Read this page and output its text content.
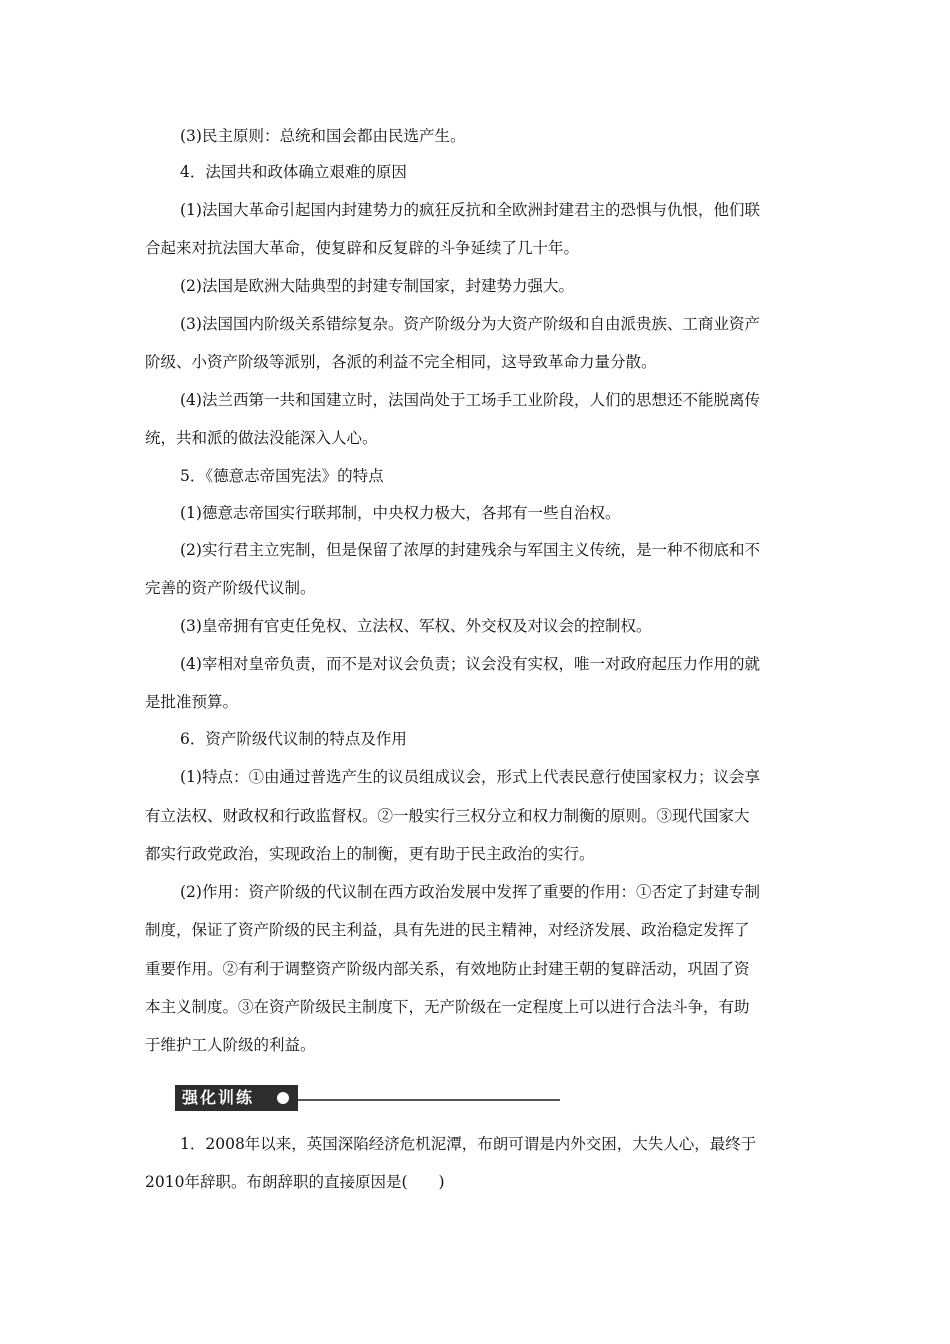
(3)民主原则：总统和国会都由民选产生。
4．法国共和政体确立艰难的原因
(1)法国大革命引起国内封建势力的疯狂反抗和全欧洲封建君主的恐惧与仇恨，他们联
合起来对抗法国大革命，使复辟和反复辟的斗争延续了几十年。
(2)法国是欧洲大陆典型的封建专制国家，封建势力强大。
(3)法国国内阶级关系错综复杂。资产阶级分为大资产阶级和自由派贵族、工商业资产
阶级、小资产阶级等派别，各派的利益不完全相同，这导致革命力量分散。
(4)法兰西第一共和国建立时，法国尚处于工场手工业阶段，人们的思想还不能脱离传
统，共和派的做法没能深入人心。
5．《德意志帝国宪法》的特点
(1)德意志帝国实行联邦制，中央权力极大，各邦有一些自治权。
(2)实行君主立宪制，但是保留了浓厚的封建残余与军国主义传统，是一种不彻底和不
完善的资产阶级代议制。
(3)皇帝拥有官吏任免权、立法权、军权、外交权及对议会的控制权。
(4)宰相对皇帝负责，而不是对议会负责；议会没有实权，唯一对政府起压力作用的就
是批准预算。
6．资产阶级代议制的特点及作用
(1)特点：①由通过普选产生的议员组成议会，形式上代表民意行使国家权力；议会享
有立法权、财政权和行政监督权。②一般实行三权分立和权力制衡的原则。③现代国家大
都实行政党政治，实现政治上的制衡，更有助于民主政治的实行。
(2)作用：资产阶级的代议制在西方政治发展中发挥了重要的作用：①否定了封建专制
制度，保证了资产阶级的民主利益，具有先进的民主精神，对经济发展、政治稳定发挥了
重要作用。②有利于调整资产阶级内部关系，有效地防止封建王朝的复辟活动，巩固了资
本主义制度。③在资产阶级民主制度下，无产阶级在一定程度上可以进行合法斗争，有助
于维护工人阶级的利益。
强化训练
1．2008年以来，英国深陷经济危机泥潭，布朗可谓是内外交困，大失人心，最终于
2010年辞职。布朗辞职的直接原因是(　　)
